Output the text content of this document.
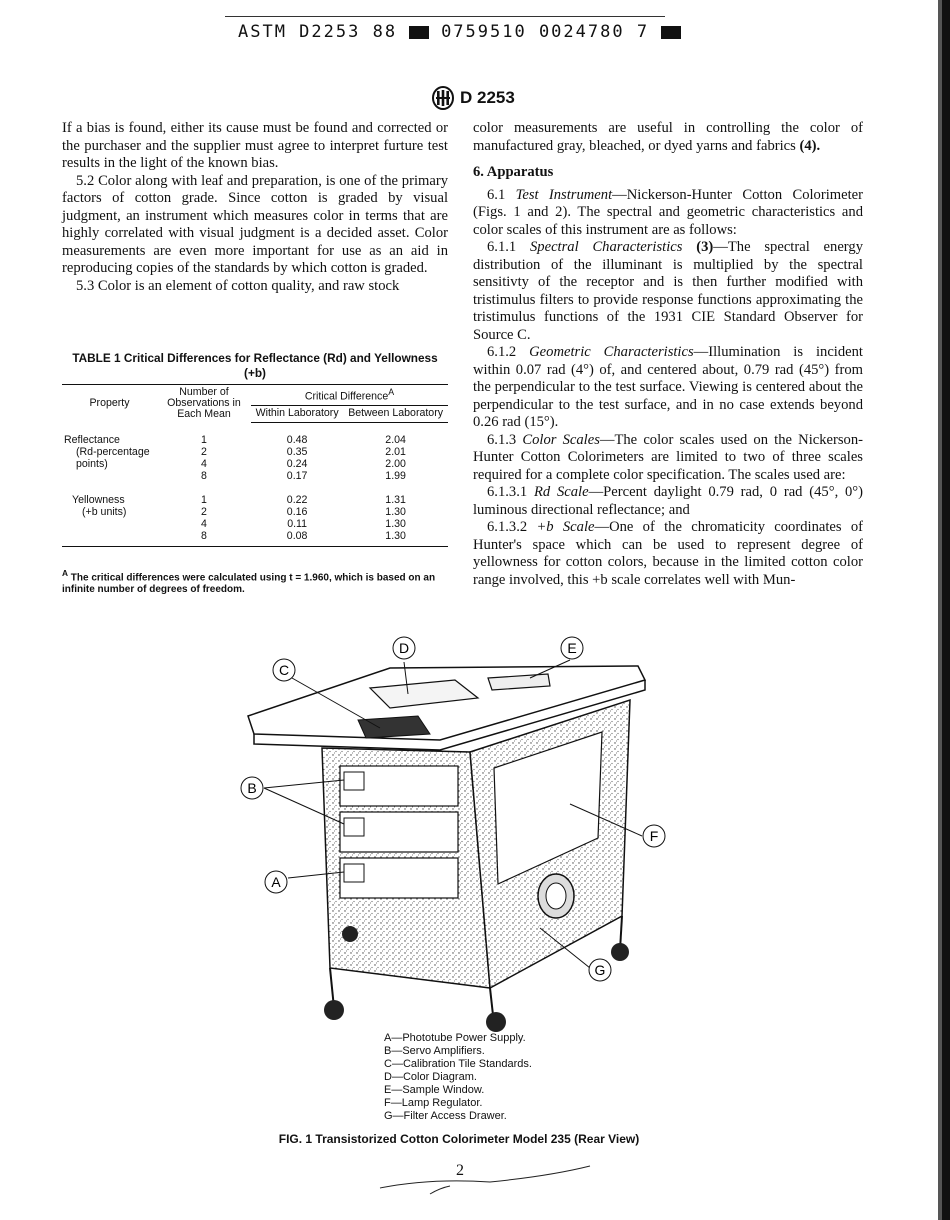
ASTM D2253 88	0759510 0024780 7
D 2253

If a bias is found, either its cause must be found and corrected or the purchaser and the supplier must agree to interpret furture test results in the light of the known bias.

5.2 Color along with leaf and preparation, is one of the primary factors of cotton grade. Since cotton is graded by visual judgment, an instrument which measures color in terms that are highly correlated with visual judgment is a decided asset. Color measurements are even more important for use as an aid in reproducing copies of the standards by which cotton is graded.

5.3 Color is an element of cotton quality, and raw stock

TABLE 1 Critical Differences for Reflectance (Rd) and Yellowness (+b)
Property	Number of Observations in Each Mean	Critical Difference$^A$
		Within Laboratory	Between Laboratory

Reflectance	1	0.48	2.04
(Rd-percentage	2	0.35	2.01
points)	4	0.24	2.00
	8	0.17	1.99

Yellowness	1	0.22	1.31
(+b units)	2	0.16	1.30
	4	0.11	1.30
	8	0.08	1.30

$^A$ The critical differences were calculated using t = 1.960, which is based on an infinite number of degrees of freedom.

color measurements are useful in controlling the color of manufactured gray, bleached, or dyed yarns and fabrics (4).

6. Apparatus

6.1 Test Instrument—Nickerson-Hunter Cotton Colorimeter (Figs. 1 and 2). The spectral and geometric characteristics and color scales of this instrument are as follows:

6.1.1 Spectral Characteristics (3)—The spectral energy distribution of the illuminant is multiplied by the spectral sensitivty of the receptor and is then further modified with tristimulus filters to provide response functions approximating the tristimulus functions of the 1931 CIE Standard Observer for Source C.

6.1.2 Geometric Characteristics—Illumination is incident within 0.07 rad (4°) of, and centered about, 0.79 rad (45°) from the perpendicular to the test surface. Viewing is centered about the perpendicular to the test surface, and in no case extends beyond 0.26 rad (15°).

6.1.3 Color Scales—The color scales used on the Nickerson-Hunter Cotton Colorimeters are limited to two of three scales required for a complete color specification. The scales used are:

6.1.3.1 Rd Scale—Percent daylight 0.79 rad, 0 rad (45°, 0°) luminous directional reflectance; and

6.1.3.2 +b Scale—One of the chromaticity coordinates of Hunter's space which can be used to represent degree of yellowness for cotton colors, because in the limited cotton color range involved, this +b scale correlates well with Mun-

D	E
C
B
A
F
G
A—Phototube Power Supply.
B—Servo Amplifiers.
C—Calibration Tile Standards.
D—Color Diagram.
E—Sample Window.
F—Lamp Regulator.
G—Filter Access Drawer.
FIG. 1 Transistorized Cotton Colorimeter Model 235 (Rear View)
2
